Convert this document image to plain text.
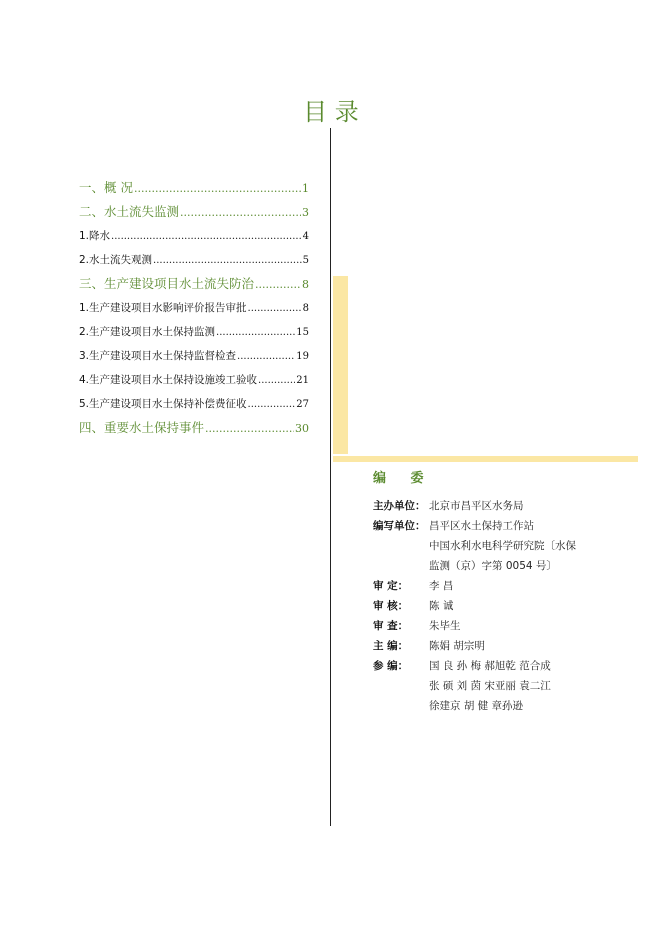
目 录
一、概 况 .....	1
二、水土流失监测 .....	3
1.降水 .....	4
2.水土流失观测 .....	5
三、生产建设项目水土流失防治 .....	8
1.生产建设项目水影响评价报告审批 .....	8
2.生产建设项目水土保持监测 .....	15
3.生产建设项目水土保持监督检查 .....	19
4.生产建设项目水土保持设施竣工验收 .....	21
5.生产建设项目水土保持补偿费征收 .....	27
四、重要水土保持事件 .....	30
编 委
主办单位： 北京市昌平区水务局
编写单位： 昌平区水土保持工作站
中国水利水电科学研究院〔水保
监测（京）字第 0054 号〕
审 定：	李 昌
审 核：	陈 诚
审 查：	朱毕生
主 编：	陈娟 胡宗明
参 编：	国 良 孙 梅 郝旭乾 范合成
张 硕 刘 茵 宋亚丽 袁二江
徐建京 胡 健 章孙逊
